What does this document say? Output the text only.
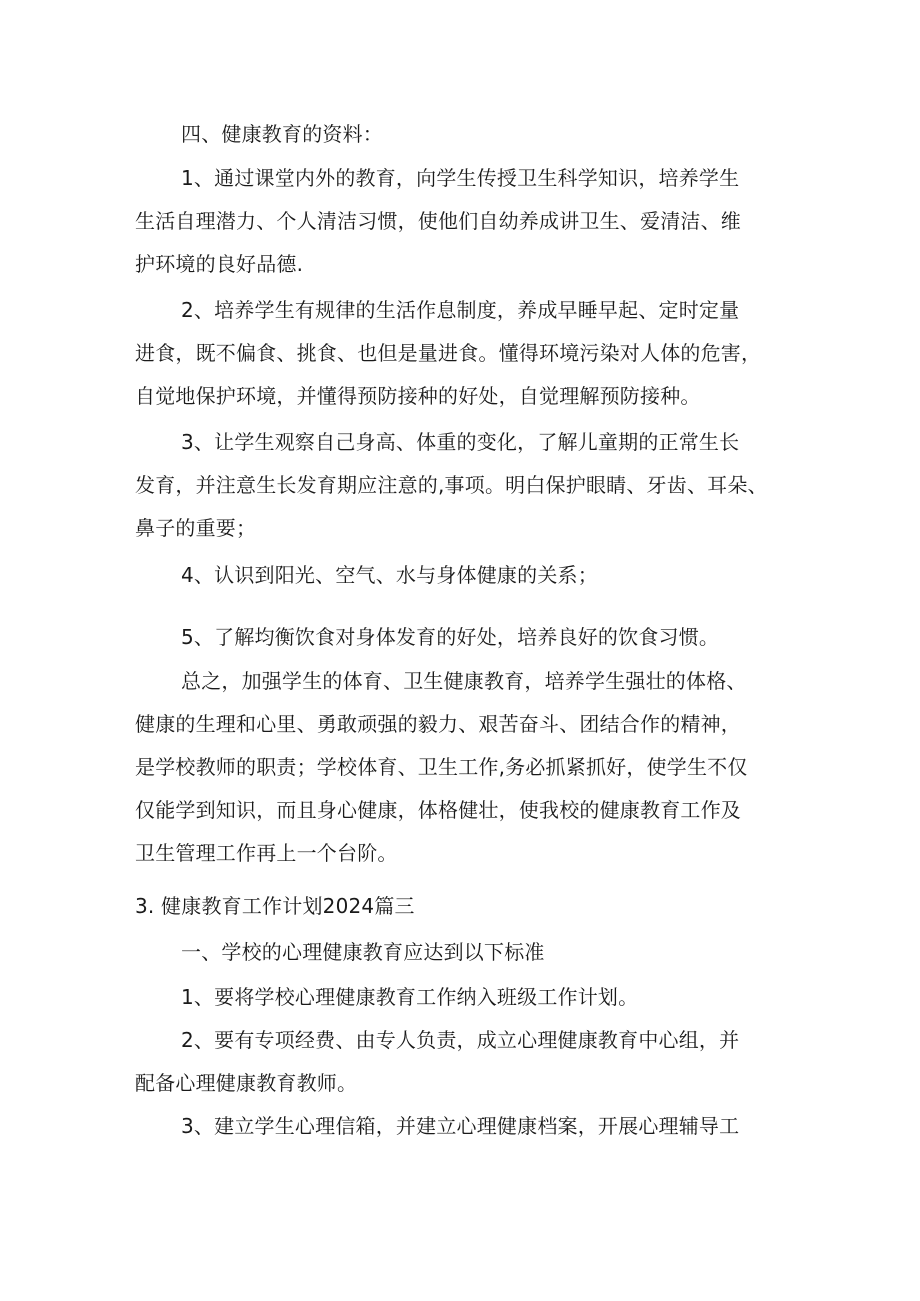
四、健康教育的资料：
1、通过课堂内外的教育，向学生传授卫生科学知识，培养学生
生活自理潜力、个人清洁习惯，使他们自幼养成讲卫生、爱清洁、维
护环境的良好品德.
2、培养学生有规律的生活作息制度，养成早睡早起、定时定量
进食，既不偏食、挑食、也但是量进食。懂得环境污染对人体的危害，
自觉地保护环境，并懂得预防接种的好处，自觉理解预防接种。
3、让学生观察自己身高、体重的变化，了解儿童期的正常生长
发育，并注意生长发育期应注意的,事项。明白保护眼睛、牙齿、耳朵、
鼻子的重要；
4、认识到阳光、空气、水与身体健康的关系；
5、了解均衡饮食对身体发育的好处，培养良好的饮食习惯。
总之，加强学生的体育、卫生健康教育，培养学生强壮的体格、
健康的生理和心里、勇敢顽强的毅力、艰苦奋斗、团结合作的精神，
是学校教师的职责；学校体育、卫生工作,务必抓紧抓好，使学生不仅
仅能学到知识，而且身心健康，体格健壮，使我校的健康教育工作及
卫生管理工作再上一个台阶。
3. 健康教育工作计划2024篇三
一、学校的心理健康教育应达到以下标准
1、要将学校心理健康教育工作纳入班级工作计划。
2、要有专项经费、由专人负责，成立心理健康教育中心组，并
配备心理健康教育教师。
3、建立学生心理信箱，并建立心理健康档案，开展心理辅导工
